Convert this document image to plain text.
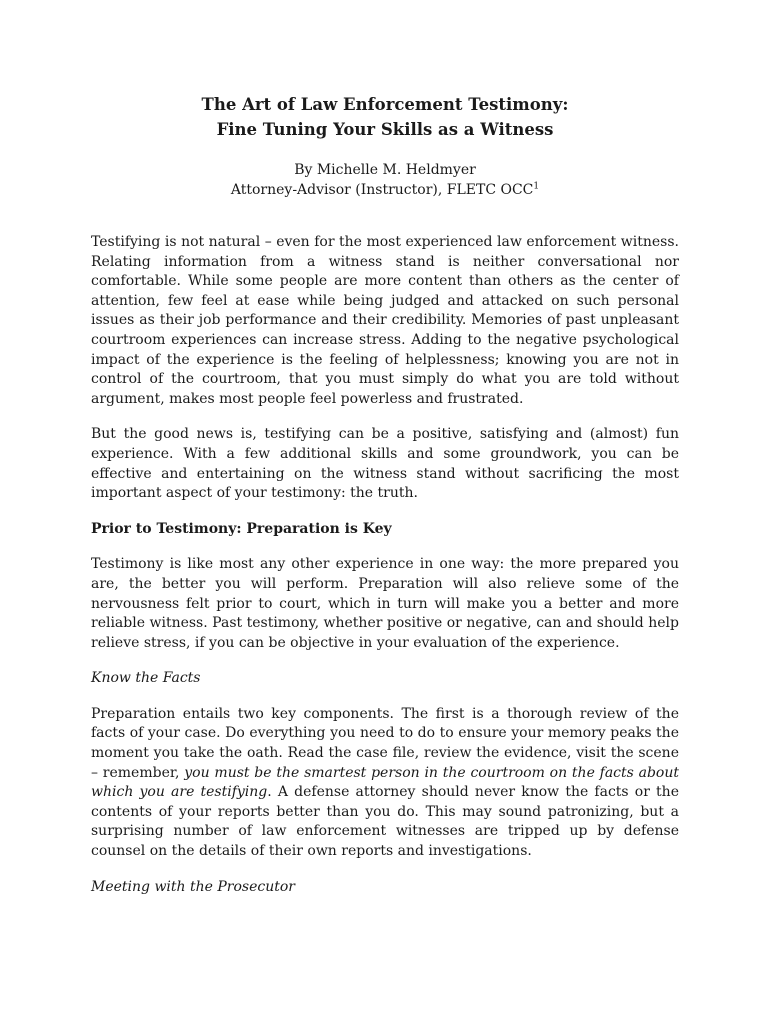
The Art of Law Enforcement Testimony:

Fine Tuning Your Skills as a Witness

By Michelle M. Heldmyer

Attorney-Advisor (Instructor), FLETC OCC$^1$

Testifying is not natural – even for the most experienced law enforcement witness. Relating information from a witness stand is neither conversational nor comfortable. While some people are more content than others as the center of attention, few feel at ease while being judged and attacked on such personal issues as their job performance and their credibility. Memories of past unpleasant courtroom experiences can increase stress. Adding to the negative psychological impact of the experience is the feeling of helplessness; knowing you are not in control of the courtroom, that you must simply do what you are told without argument, makes most people feel powerless and frustrated.

But the good news is, testifying can be a positive, satisfying and (almost) fun experience. With a few additional skills and some groundwork, you can be effective and entertaining on the witness stand without sacrificing the most important aspect of your testimony: the truth.

Prior to Testimony: Preparation is Key

Testimony is like most any other experience in one way: the more prepared you are, the better you will perform. Preparation will also relieve some of the nervousness felt prior to court, which in turn will make you a better and more reliable witness. Past testimony, whether positive or negative, can and should help relieve stress, if you can be objective in your evaluation of the experience.

Know the Facts

Preparation entails two key components. The first is a thorough review of the facts of your case. Do everything you need to do to ensure your memory peaks the moment you take the oath. Read the case file, review the evidence, visit the scene – remember, you must be the smartest person in the courtroom on the facts about which you are testifying. A defense attorney should never know the facts or the contents of your reports better than you do. This may sound patronizing, but a surprising number of law enforcement witnesses are tripped up by defense counsel on the details of their own reports and investigations.

Meeting with the Prosecutor
